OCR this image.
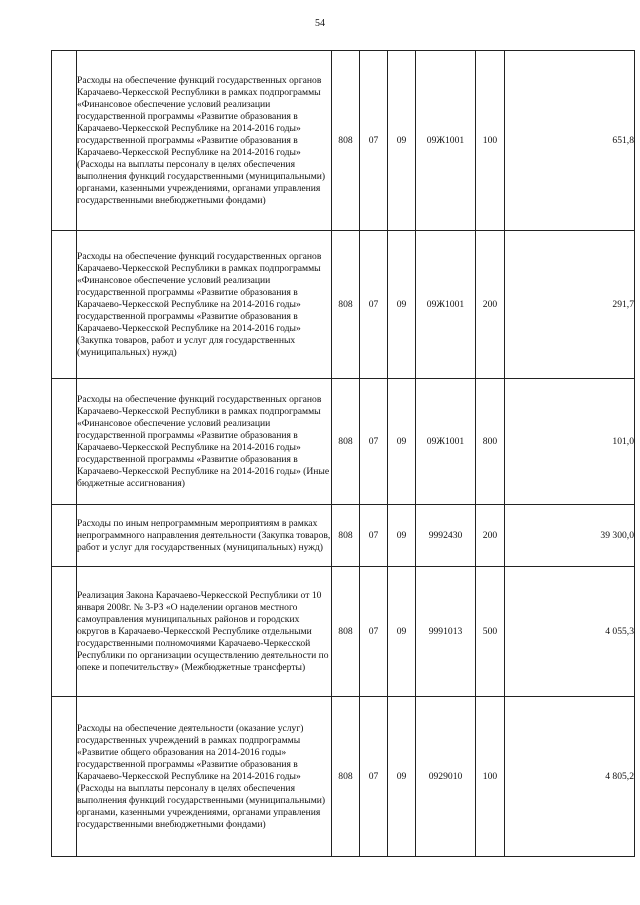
54
	Расходы на обеспечение функций государственных органов Карачаево-Черкесской Республики в рамках подпрограммы «Финансовое обеспечение условий реализации государственной программы «Развитие образования в Карачаево-Черкесской Республике на 2014-2016 годы» государственной программы «Развитие образования в Карачаево-Черкесской Республике на 2014-2016 годы» (Расходы на выплаты персоналу в целях обеспечения выполнения функций государственными (муниципальными) органами, казенными учреждениями, органами управления государственными внебюджетными фондами)	808	07	09	09Ж1001	100	651,8
	Расходы на обеспечение функций государственных органов Карачаево-Черкесской Республики в рамках подпрограммы «Финансовое обеспечение условий реализации государственной программы «Развитие образования в Карачаево-Черкесской Республике на 2014-2016 годы» государственной программы «Развитие образования в Карачаево-Черкесской Республике на 2014-2016 годы» (Закупка товаров, работ и услуг для государственных (муниципальных) нужд)	808	07	09	09Ж1001	200	291,7
	Расходы на обеспечение функций государственных органов Карачаево-Черкесской Республики в рамках подпрограммы «Финансовое обеспечение условий реализации государственной программы «Развитие образования в Карачаево-Черкесской Республике на 2014-2016 годы» государственной программы «Развитие образования в Карачаево-Черкесской Республике на 2014-2016 годы» (Иные бюджетные ассигнования)	808	07	09	09Ж1001	800	101,0
	Расходы по иным непрограммным мероприятиям в рамках непрограммного направления деятельности (Закупка товаров, работ и услуг для государственных (муниципальных) нужд)	808	07	09	9992430	200	39 300,0
	Реализация Закона Карачаево-Черкесской Республики от 10 января 2008г. № 3-РЗ «О наделении органов местного самоуправления муниципальных районов и городских округов в Карачаево-Черкесской Республике отдельными государственными полномочиями Карачаево-Черкесской Республики по организации осуществлению деятельности по опеке и попечительству» (Межбюджетные трансферты)	808	07	09	9991013	500	4 055,3
	Расходы на обеспечение деятельности (оказание услуг) государственных учреждений в рамках подпрограммы «Развитие общего образования на 2014-2016 годы» государственной программы «Развитие образования в Карачаево-Черкесской Республике на 2014-2016 годы» (Расходы на выплаты персоналу в целях обеспечения выполнения функций государственными (муниципальными) органами, казенными учреждениями, органами управления государственными внебюджетными фондами)	808	07	09	0929010	100	4 805,2
